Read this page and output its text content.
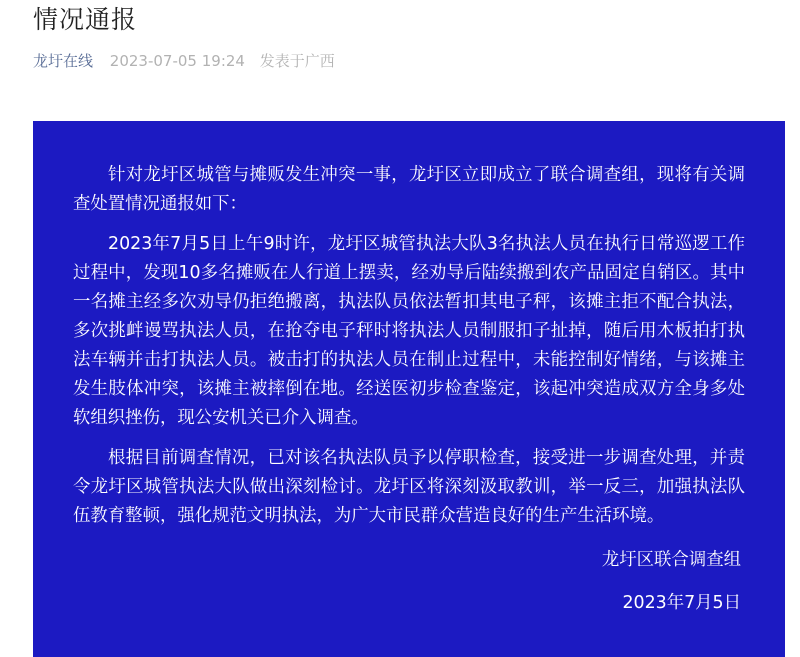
情况通报
龙圩在线 2023-07-05 19:24 发表于广西

针对龙圩区城管与摊贩发生冲突一事，龙圩区立即成立了联合调查组，现将有关调查处置情况通报如下：

2023年7月5日上午9时许，龙圩区城管执法大队3名执法人员在执行日常巡逻工作过程中，发现10多名摊贩在人行道上摆卖，经劝导后陆续搬到农产品固定自销区。其中一名摊主经多次劝导仍拒绝搬离，执法队员依法暂扣其电子秤，该摊主拒不配合执法，多次挑衅谩骂执法人员，在抢夺电子秤时将执法人员制服扣子扯掉，随后用木板拍打执法车辆并击打执法人员。被击打的执法人员在制止过程中，未能控制好情绪，与该摊主发生肢体冲突，该摊主被摔倒在地。经送医初步检查鉴定，该起冲突造成双方全身多处软组织挫伤，现公安机关已介入调查。

根据目前调查情况，已对该名执法队员予以停职检查，接受进一步调查处理，并责令龙圩区城管执法大队做出深刻检讨。龙圩区将深刻汲取教训，举一反三，加强执法队伍教育整顿，强化规范文明执法，为广大市民群众营造良好的生产生活环境。

龙圩区联合调查组
2023年7月5日
